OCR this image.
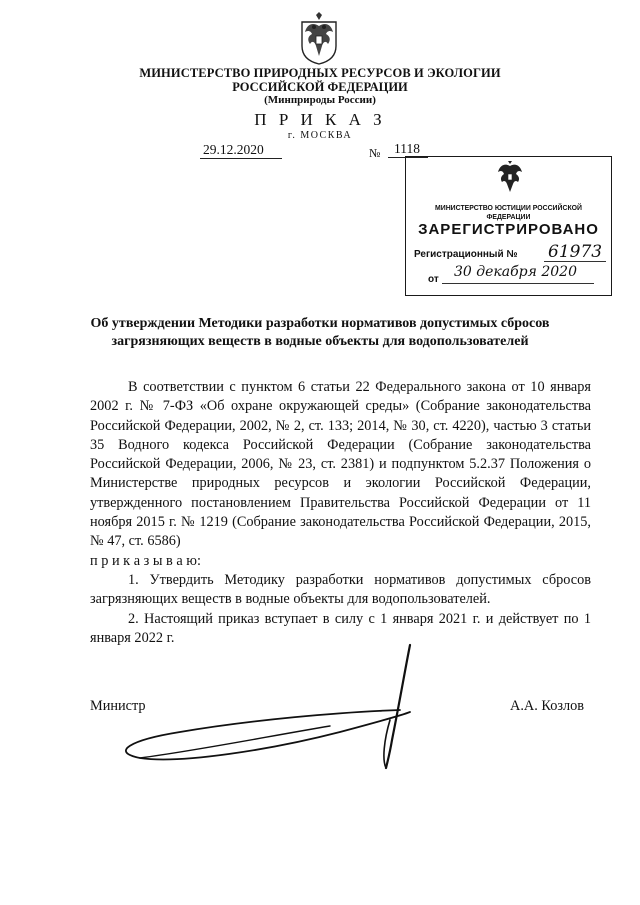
МИНИСТЕРСТВО ПРИРОДНЫХ РЕСУРСОВ И ЭКОЛОГИИ
РОССИЙСКОЙ ФЕДЕРАЦИИ
(Минприроды России)
П Р И К А З
г. МОСКВА
29.12.2020	№ 1118
МИНИСТЕРСТВО ЮСТИЦИИ РОССИЙСКОЙ ФЕДЕРАЦИИ
ЗАРЕГИСТРИРОВАНО
Регистрационный № 61973
от 30 декабря 2020
Об утверждении Методики разработки нормативов допустимых сбросов
загрязняющих веществ в водные объекты для водопользователей

В соответствии с пунктом 6 статьи 22 Федерального закона от 10 января 2002 г. № 7-ФЗ «Об охране окружающей среды» (Собрание законодательства Российской Федерации, 2002, № 2, ст. 133; 2014, № 30, ст. 4220), частью 3 статьи 35 Водного кодекса Российской Федерации (Собрание законодательства Российской Федерации, 2006, № 23, ст. 2381) и подпунктом 5.2.37 Положения о Министерстве природных ресурсов и экологии Российской Федерации, утвержденного постановлением Правительства Российской Федерации от 11 ноября 2015 г. № 1219 (Собрание законодательства Российской Федерации, 2015, № 47, ст. 6586)

п р и к а з ы в а ю:

1. Утвердить Методику разработки нормативов допустимых сбросов загрязняющих веществ в водные объекты для водопользователей.

2. Настоящий приказ вступает в силу с 1 января 2021 г. и действует по 1 января 2022 г.

Министр	А.А. Козлов
